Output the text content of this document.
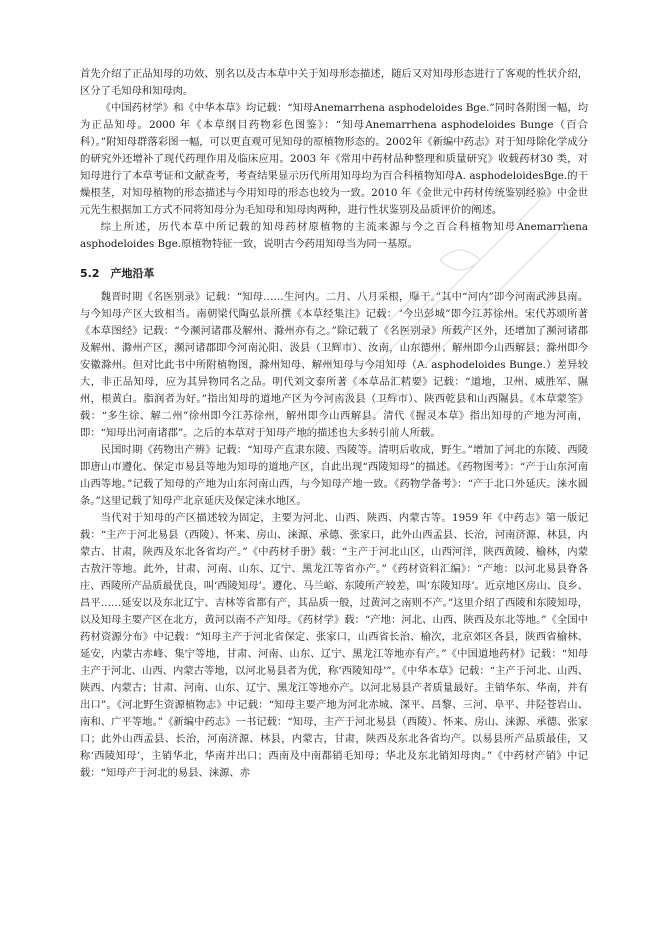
首先介绍了正品知母的功效、别名以及古本草中关于知母形态描述，随后又对知母形态进行了客观的性状介绍，区分了毛知母和知母肉。

《中国药材学》和《中华本草》均记载：“知母Anemarrhena asphodeloides Bge.”同时各附图一幅，均为正品知母。2000 年《本草纲目药物彩色图鉴》：“知母Anemarrhena asphodeloides Bunge（百合科）。”附知母群落彩图一幅，可以更直观可见知母的原植物形态的。2002年《新编中药志》对于知母除化学成分的研究外还增补了现代药理作用及临床应用。2003 年《常用中药材品种整理和质量研究》收载药材30 类，对知母进行了本草考证和文献查考，考查结果显示历代所用知母均为百合科植物知母A. asphodeloidesBge.的干燥根茎，对知母植物的形态描述与今用知母的形态也较为一致。2010 年《金世元中药材传统鉴别经验》中金世元先生根据加工方式不同将知母分为毛知母和知母肉两种，进行性状鉴别及品质评价的阐述。

综上所述，历代本草中所记载的知母药材原植物的主流来源与今之百合科植物知母Anemarrhena asphodeloides Bge.原植物特征一致，说明古今药用知母当为同一基原。

5.2　产地沿革

魏晋时期《名医别录》记载：“知母……生河内。二月、八月采根，曝干。”其中“河内”即今河南武涉县南。与今知母产区大致相当。南朝梁代陶弘景所撰《本草经集注》记载：“今出彭城”即今江苏徐州。宋代苏颂所著《本草图经》记载：“今濒河诸郡及解州、滁州亦有之。”除记载了《名医别录》所载产区外，还增加了濒河诸郡及解州、滁州产区，濒河诸郡即今河南沁阳、汲县（卫辉市）、汝南，山东德州；解州即今山西解县；滁州即今安徽滁州。但对比此书中所附植物图，滁州知母、解州知母与今用知母（A. asphodeloides Bunge.）差异较大，非正品知母，应为其异物同名之品。明代刘文泰所著《本草品汇精要》记载：“道地，卫州、威胜军、隰州，根黄白。脂润者为好。”指出知母的道地产区为今河南汲县（卫辉市）、陕西乾县和山西隰县。《本草蒙筌》载：“多生徐、解二州”徐州即今江苏徐州，解州即今山西解县。清代《握灵本草》指出知母的产地为河南，即：“知母出河南诸郡”。之后的本草对于知母产地的描述也大多转引前人所载。

民国时期《药物出产辨》记载：“知母产直隶东陵、西陵等。清明后收成，野生。”增加了河北的东陵、西陵即唐山市遵化、保定市易县等地为知母的道地产区，自此出现“西陵知母”的描述。《药物图考》：“产于山东河南山西等地。”记载了知母的产地为山东河南山西，与今知母产地一致。《药物学备考》：“产于北口外延庆。涞水圆条。”这里记载了知母产北京延庆及保定涞水地区。

当代对于知母的产区描述较为固定，主要为河北、山西、陕西、内蒙古等。1959 年《中药志》第一版记载：“主产于河北易县（西陵）、怀来、房山、涞源、承德、张家口，此外山西孟县、长治，河南济源、林县，内蒙古、甘肃，陕西及东北各省均产。”《中药材手册》载：“主产于河北山区，山西河洋，陕西黄陵、榆林，内蒙古敖汗等地。此外，甘肃、河南、山东、辽宁、黑龙江等省亦产。”《药材资料汇编》：“产地：以河北易县脊各庄、西陵所产品质最优良，叫‘西陵知母’。遵化、马兰峪、东陵所产较差，叫‘东陵知母’。近京地区房山、良乡、昌平……延安以及东北辽宁、吉林等省都有产，其品质一般，过黄河之南则不产。”这里介绍了西陵和东陵知母，以及知母主要产区在北方，黄河以南不产知母。《药材学》载：“产地：河北、山西、陕西及东北等地。”《全国中药材资源分布》中记载：“知母主产于河北省保定、张家口，山西省长治、榆次，北京郊区各县，陕西省榆林、延安，内蒙古赤峰、集宁等地，甘肃、河南、山东、辽宁、黑龙江等地亦有产。”《中国道地药材》记载：“知母主产于河北、山西、内蒙古等地，以河北易县者为优，称‘西陵知母’”。《中华本草》记载：“主产于河北、山西、陕西、内蒙古；甘肃、河南、山东、辽宁、黑龙江等地亦产。以河北易县产者质量最好。主销华东、华南，并有出口”。《河北野生资源植物志》中记载：“知母主要产地为河北赤城、深平、昌黎、三河、阜平、井陉苍岩山、南和、广平等地。”《新编中药志》一书记载：“知母，主产于河北易县（西陵）、怀来、房山、涞源、承德、张家口；此外山西孟县、长治，河南济源、林县，内蒙古，甘肃，陕西及东北各省均产。以易县所产品质最佳，又称‘西陵知母’，主销华北，华南并出口；西南及中南都销毛知母；华北及东北销知母肉。”《中药材产销》中记载：“知母产于河北的易县、涞源、赤
